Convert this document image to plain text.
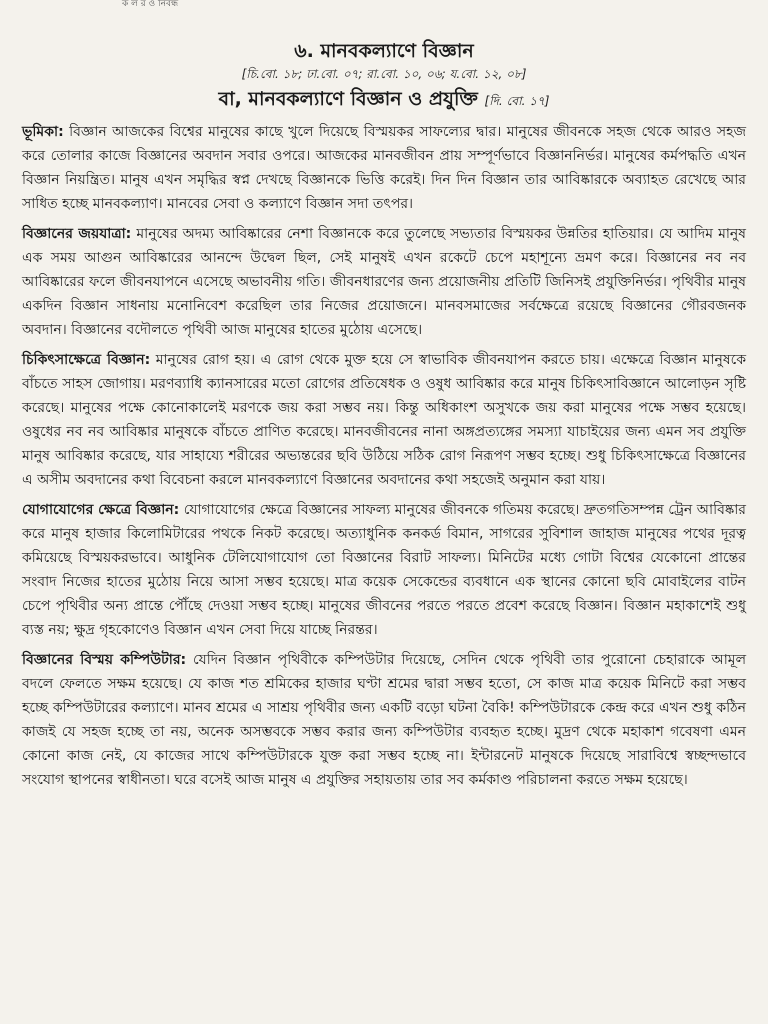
ক ল র ও নিবন্ধ
৬. মানবকল্যাণে বিজ্ঞান
[চি.বো. ১৮; ঢা.বো. ০৭; রা.বো. ১০, ০৬; য.বো. ১২, ০৮]
বা, মানবকল্যাণে বিজ্ঞান ও প্রযুক্তি [দি. বো. ১৭]
ভূমিকা: বিজ্ঞান আজকের বিশ্বের মানুষের কাছে খুলে দিয়েছে বিস্ময়কর সাফল্যের দ্বার। মানুষের জীবনকে সহজ থেকে আরও সহজ করে তোলার কাজে বিজ্ঞানের অবদান সবার ওপরে। আজকের মানবজীবন প্রায় সম্পূর্ণভাবে বিজ্ঞাননির্ভর। মানুষের কর্মপদ্ধতি এখন বিজ্ঞান নিয়ন্ত্রিত। মানুষ এখন সমৃদ্ধির স্বপ্ন দেখছে বিজ্ঞানকে ভিত্তি করেই। দিন দিন বিজ্ঞান তার আবিষ্কারকে অব্যাহত রেখেছে আর সাধিত হচ্ছে মানবকল্যাণ। মানবের সেবা ও কল্যাণে বিজ্ঞান সদা তৎপর।
বিজ্ঞানের জয়যাত্রা: মানুষের অদম্য আবিষ্কারের নেশা বিজ্ঞানকে করে তুলেছে সভ্যতার বিস্ময়কর উন্নতির হাতিয়ার। যে আদিম মানুষ এক সময় আগুন আবিষ্কারের আনন্দে উদ্বেল ছিল, সেই মানুষই এখন রকেটে চেপে মহাশূন্যে ভ্রমণ করে। বিজ্ঞানের নব নব আবিষ্কারের ফলে জীবনযাপনে এসেছে অভাবনীয় গতি। জীবনধারণের জন্য প্রয়োজনীয় প্রতিটি জিনিসই প্রযুক্তিনির্ভর। পৃথিবীর মানুষ একদিন বিজ্ঞান সাধনায় মনোনিবেশ করেছিল তার নিজের প্রয়োজনে। মানবসমাজের সর্বক্ষেত্রে রয়েছে বিজ্ঞানের গৌরবজনক অবদান। বিজ্ঞানের বদৌলতে পৃথিবী আজ মানুষের হাতের মুঠোয় এসেছে।
চিকিৎসাক্ষেত্রে বিজ্ঞান: মানুষের রোগ হয়। এ রোগ থেকে মুক্ত হয়ে সে স্বাভাবিক জীবনযাপন করতে চায়। এক্ষেত্রে বিজ্ঞান মানুষকে বাঁচতে সাহস জোগায়। মরণব্যাধি ক্যানসারের মতো রোগের প্রতিষেধক ও ওষুধ আবিষ্কার করে মানুষ চিকিৎসাবিজ্ঞানে আলোড়ন সৃষ্টি করেছে। মানুষের পক্ষে কোনোকালেই মরণকে জয় করা সম্ভব নয়। কিন্তু অধিকাংশ অসুখকে জয় করা মানুষের পক্ষে সম্ভব হয়েছে। ওষুধের নব নব আবিষ্কার মানুষকে বাঁচতে প্রাণিত করেছে। মানবজীবনের নানা অঙ্গপ্রত্যঙ্গের সমস্যা যাচাইয়ের জন্য এমন সব প্রযুক্তি মানুষ আবিষ্কার করেছে, যার সাহায্যে শরীরের অভ্যন্তরের ছবি উঠিয়ে সঠিক রোগ নিরূপণ সম্ভব হচ্ছে। শুধু চিকিৎসাক্ষেত্রে বিজ্ঞানের এ অসীম অবদানের কথা বিবেচনা করলে মানবকল্যাণে বিজ্ঞানের অবদানের কথা সহজেই অনুমান করা যায়।
যোগাযোগের ক্ষেত্রে বিজ্ঞান: যোগাযোগের ক্ষেত্রে বিজ্ঞানের সাফল্য মানুষের জীবনকে গতিময় করেছে। দ্রুতগতিসম্পন্ন ট্রেন আবিষ্কার করে মানুষ হাজার কিলোমিটারের পথকে নিকট করেছে। অত্যাধুনিক কনকর্ড বিমান, সাগরের সুবিশাল জাহাজ মানুষের পথের দূরত্ব কমিয়েছে বিস্ময়করভাবে। আধুনিক টেলিযোগাযোগ তো বিজ্ঞানের বিরাট সাফল্য। মিনিটের মধ্যে গোটা বিশ্বের যেকোনো প্রান্তের সংবাদ নিজের হাতের মুঠোয় নিয়ে আসা সম্ভব হয়েছে। মাত্র কয়েক সেকেন্ডের ব্যবধানে এক স্থানের কোনো ছবি মোবাইলের বাটন চেপে পৃথিবীর অন্য প্রান্তে পৌঁছে দেওয়া সম্ভব হচ্ছে। মানুষের জীবনের পরতে পরতে প্রবেশ করেছে বিজ্ঞান। বিজ্ঞান মহাকাশেই শুধু ব্যস্ত নয়; ক্ষুদ্র গৃহকোণেও বিজ্ঞান এখন সেবা দিয়ে যাচ্ছে নিরন্তর।
বিজ্ঞানের বিস্ময় কম্পিউটার: যেদিন বিজ্ঞান পৃথিবীকে কম্পিউটার দিয়েছে, সেদিন থেকে পৃথিবী তার পুরোনো চেহারাকে আমূল বদলে ফেলতে সক্ষম হয়েছে। যে কাজ শত শ্রমিকের হাজার ঘণ্টা শ্রমের দ্বারা সম্ভব হতো, সে কাজ মাত্র কয়েক মিনিটে করা সম্ভব হচ্ছে কম্পিউটারের কল্যাণে। মানব শ্রমের এ সাশ্রয় পৃথিবীর জন্য একটি বড়ো ঘটনা বৈকি! কম্পিউটারকে কেন্দ্র করে এখন শুধু কঠিন কাজই যে সহজ হচ্ছে তা নয়, অনেক অসম্ভবকে সম্ভব করার জন্য কম্পিউটার ব্যবহৃত হচ্ছে। মুদ্রণ থেকে মহাকাশ গবেষণা এমন কোনো কাজ নেই, যে কাজের সাথে কম্পিউটারকে যুক্ত করা সম্ভব হচ্ছে না। ইন্টারনেট মানুষকে দিয়েছে সারাবিশ্বে স্বচ্ছন্দভাবে সংযোগ স্থাপনের স্বাধীনতা। ঘরে বসেই আজ মানুষ এ প্রযুক্তির সহায়তায় তার সব কর্মকাণ্ড পরিচালনা করতে সক্ষম হয়েছে।
